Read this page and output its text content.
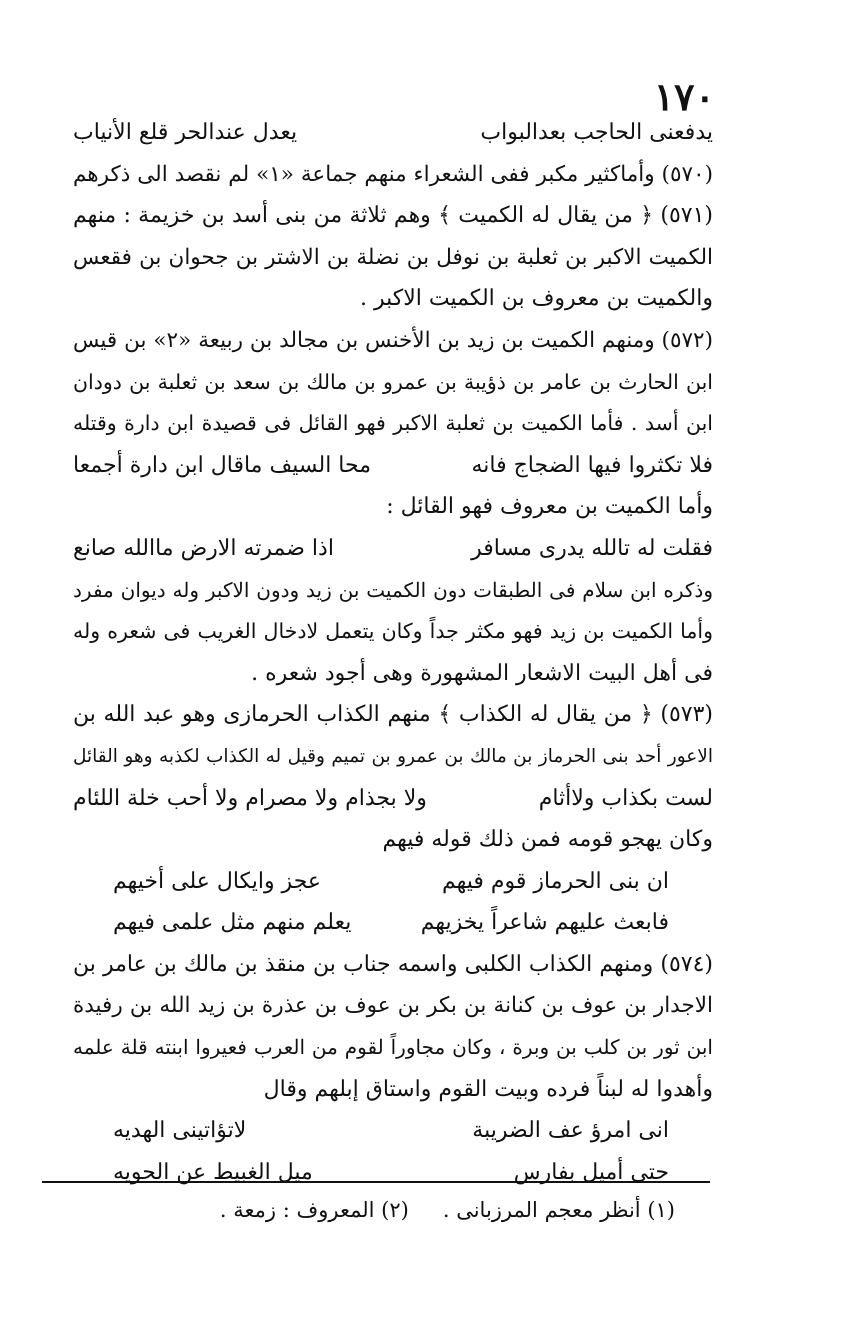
١٧٠
يدفعنى الحاجب بعدالبواب
يعدل عندالحر قلع الأنياب
(٥٧٠) وأماكثير مكبر ففى الشعراء منهم جماعة «١» لم نقصد الى ذكرهم
(٥٧١) ﴿ من يقال له الكميت ﴾ وهم ثلاثة من بنى أسد بن خزيمة : منهم
الكميت الاكبر بن ثعلبة بن نوفل بن نضلة بن الاشتر بن جحوان بن فقعس
والكميت بن معروف بن الكميت الاكبر .
(٥٧٢) ومنهم الكميت بن زيد بن الأخنس بن مجالد بن ربيعة «٢» بن قيس
ابن الحارث بن عامر بن ذؤيبة بن عمرو بن مالك بن سعد بن ثعلبة بن دودان
ابن أسد . فأما الكميت بن ثعلبة الاكبر فهو القائل فى قصيدة ابن دارة وقتله
فلا تكثروا فيها الضجاج فانه
محا السيف ماقال ابن دارة أجمعا
وأما الكميت بن معروف فهو القائل :
فقلت له تالله يدرى مسافر
اذا ضمرته الارض ماالله صانع
وذكره ابن سلام فى الطبقات دون الكميت بن زيد ودون الاكبر وله ديوان مفرد
وأما الكميت بن زيد فهو مكثر جداً وكان يتعمل لادخال الغريب فى شعره وله
فى أهل البيت الاشعار المشهورة وهى أجود شعره .
(٥٧٣) ﴿ من يقال له الكذاب ﴾ منهم الكذاب الحرمازى وهو عبد الله بن
الاعور أحد بنى الحرماز بن مالك بن عمرو بن تميم وقيل له الكذاب لكذبه وهو القائل
لست بكذاب ولاأثام
ولا بجذام ولا مصرام ولا أحب خلة اللئام
وكان يهجو قومه فمن ذلك قوله فيهم
ان بنى الحرماز قوم فيهم
عجز وايكال على أخيهم
فابعث عليهم شاعراً يخزيهم
يعلم منهم مثل علمى فيهم
(٥٧٤) ومنهم الكذاب الكلبى واسمه جناب بن منقذ بن مالك بن عامر بن
الاجدار بن عوف بن كنانة بن بكر بن عوف بن عذرة بن زيد الله بن رفيدة
ابن ثور بن كلب بن وبرة ، وكان مجاوراً لقوم من العرب فعيروا ابنته قلة علمه
وأهدوا له لبناً فرده وبيت القوم واستاق إبلهم وقال
انى امرؤ عف الضريبة
لاتؤاتينى الهديه
حتى أميل بفارس
ميل الغبيط عن الحويه
(١) أنظر معجم المرزبانى .
(٢) المعروف : زمعة .
